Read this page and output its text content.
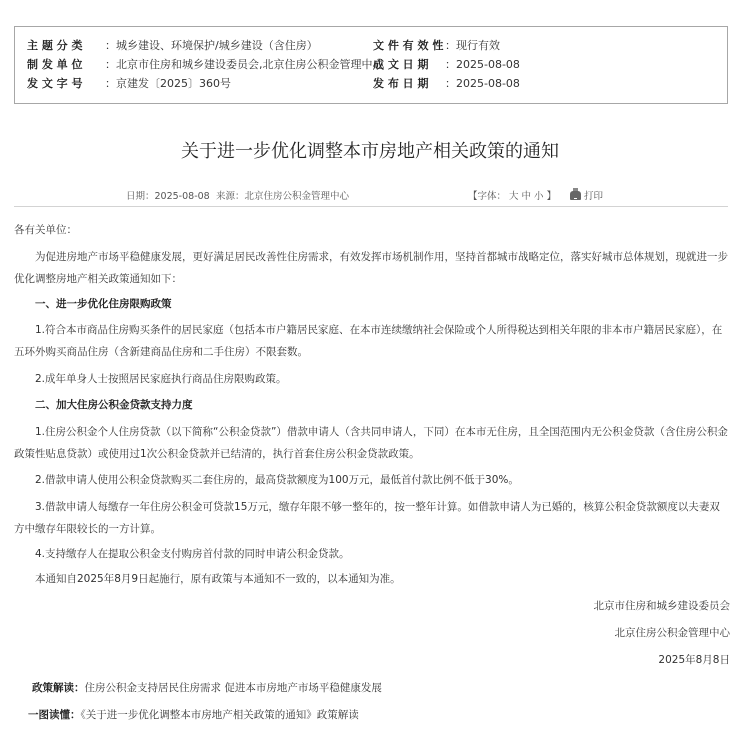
主 题 分 类 ：城乡建设、环境保护/城乡建设（含住房）
制 发 单 位 ：北京市住房和城乡建设委员会,北京住房公积金管理中心
发 文 字 号 ：京建发〔2025〕360号
文 件 有 效 性 ：现行有效
成 文 日 期 ：2025-08-08
发 布 日 期 ：2025-08-08
关于进一步优化调整本市房地产相关政策的通知
日期：2025-08-08 来源：北京住房公积金管理中心	【字体： 大 中 小 】	打印
各有关单位：
为促进房地产市场平稳健康发展，更好满足居民改善性住房需求，有效发挥市场机制作用，坚持首都城市战略定位，落实好城市总体规划，现就进一步优化调整房地产相关政策通知如下：
一、进一步优化住房限购政策
1.符合本市商品住房购买条件的居民家庭（包括本市户籍居民家庭、在本市连续缴纳社会保险或个人所得税达到相关年限的非本市户籍居民家庭），在五环外购买商品住房（含新建商品住房和二手住房）不限套数。
2.成年单身人士按照居民家庭执行商品住房限购政策。
二、加大住房公积金贷款支持力度
1.住房公积金个人住房贷款（以下简称“公积金贷款”）借款申请人（含共同申请人，下同）在本市无住房，且全国范围内无公积金贷款（含住房公积金政策性贴息贷款）或使用过1次公积金贷款并已结清的，执行首套住房公积金贷款政策。
2.借款申请人使用公积金贷款购买二套住房的，最高贷款额度为100万元，最低首付款比例不低于30%。
3.借款申请人每缴存一年住房公积金可贷款15万元，缴存年限不够一整年的，按一整年计算。如借款申请人为已婚的，核算公积金贷款额度以夫妻双方中缴存年限较长的一方计算。
4.支持缴存人在提取公积金支付购房首付款的同时申请公积金贷款。
本通知自2025年8月9日起施行，原有政策与本通知不一致的，以本通知为准。
北京市住房和城乡建设委员会
北京住房公积金管理中心
2025年8月8日
政策解读：住房公积金支持居民住房需求 促进本市房地产市场平稳健康发展
一图读懂：《关于进一步优化调整本市房地产相关政策的通知》政策解读
